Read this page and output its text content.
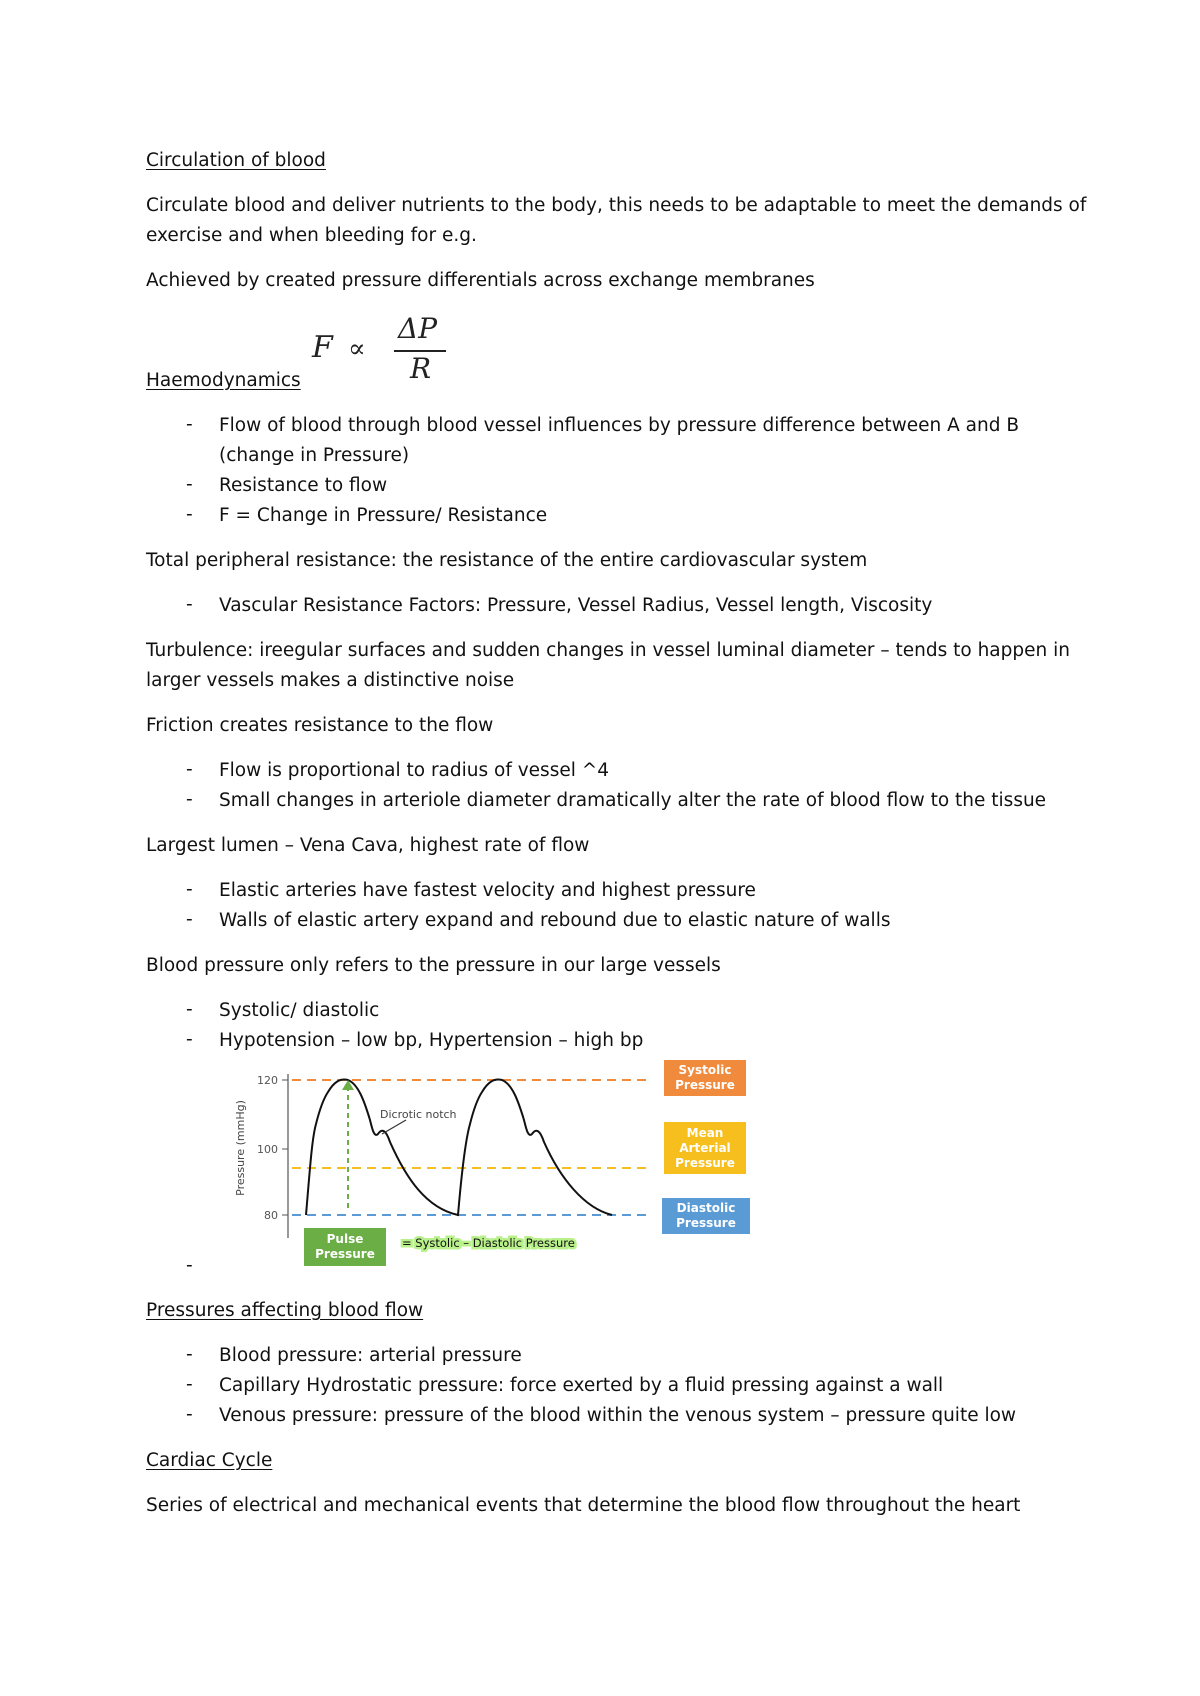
Circulation of blood
Circulate blood and deliver nutrients to the body, this needs to be adaptable to meet the demands of
exercise and when bleeding for e.g.
Achieved by created pressure differentials across exchange membranes
F ∝
ΔP
R
Haemodynamics
- Flow of blood through blood vessel influences by pressure difference between A and B
(change in Pressure)
- Resistance to flow
- F = Change in Pressure/ Resistance
Total peripheral resistance: the resistance of the entire cardiovascular system
- Vascular Resistance Factors: Pressure, Vessel Radius, Vessel length, Viscosity
Turbulence: ireegular surfaces and sudden changes in vessel luminal diameter – tends to happen in
larger vessels makes a distinctive noise
Friction creates resistance to the flow
- Flow is proportional to radius of vessel ^4
- Small changes in arteriole diameter dramatically alter the rate of blood flow to the tissue
Largest lumen – Vena Cava, highest rate of flow
- Elastic arteries have fastest velocity and highest pressure
- Walls of elastic artery expand and rebound due to elastic nature of walls
Blood pressure only refers to the pressure in our large vessels
- Systolic/ diastolic
- Hypotension – low bp, Hypertension – high bp
Pressure (mmHg)
120
100
80
Dicrotic notch
= Systolic – Diastolic Pressure
Systolic Pressure
Mean Arterial Pressure
Diastolic Pressure
Pulse Pressure
-
Pressures affecting blood flow
- Blood pressure: arterial pressure
- Capillary Hydrostatic pressure: force exerted by a fluid pressing against a wall
- Venous pressure: pressure of the blood within the venous system – pressure quite low
Cardiac Cycle
Series of electrical and mechanical events that determine the blood flow throughout the heart
